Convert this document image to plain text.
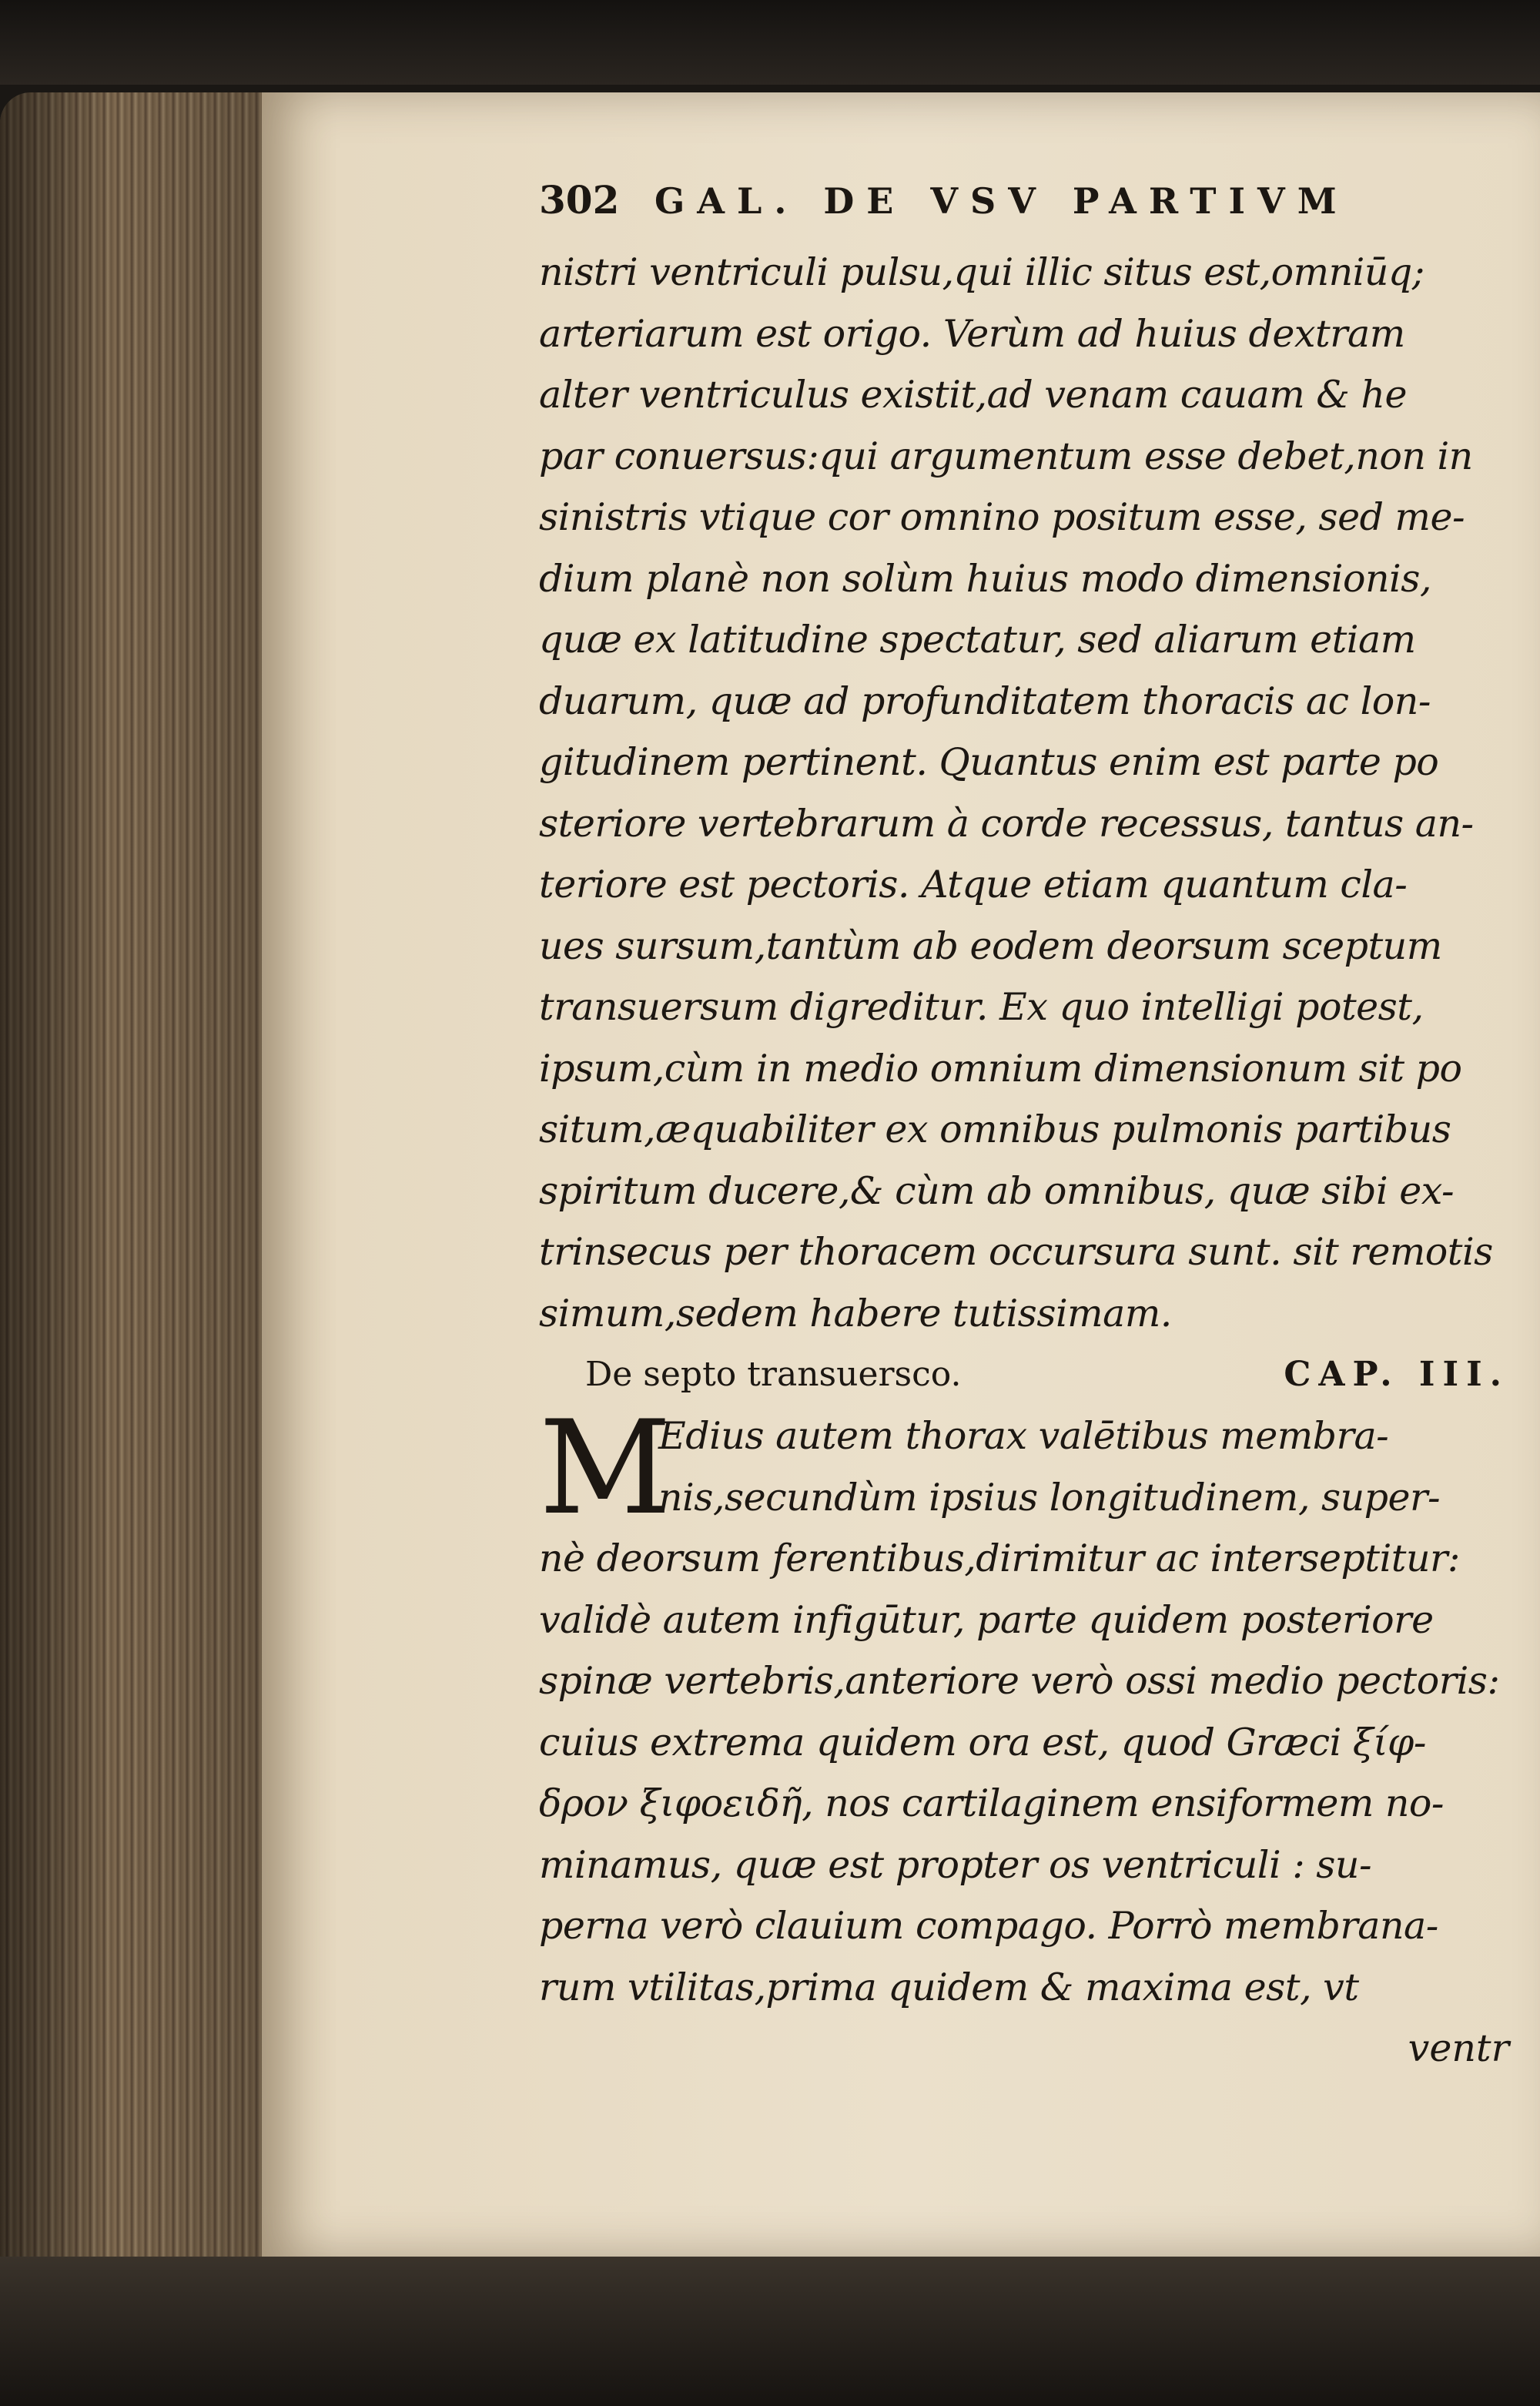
302 GAL. DE VSV PARTIVM
nistri ventriculi pulsu,qui illic situs est,omniūq;
arteriarum est origo. Verùm ad huius dextram
alter ventriculus existit,ad venam cauam & he
par conuersus:qui argumentum esse debet,non in
sinistris vtique cor omnino positum esse, sed me-
dium planè non solùm huius modo dimensionis,
quæ ex latitudine spectatur, sed aliarum etiam
duarum, quæ ad profunditatem thoracis ac lon-
gitudinem pertinent. Quantus enim est parte po
steriore vertebrarum à corde recessus, tantus an-
teriore est pectoris. Atque etiam quantum cla-
ues sursum,tantùm ab eodem deorsum sceptum
transuersum digreditur. Ex quo intelligi potest,
ipsum,cùm in medio omnium dimensionum sit po
situm,æquabiliter ex omnibus pulmonis partibus
spiritum ducere,& cùm ab omnibus, quæ sibi ex-
trinsecus per thoracem occursura sunt. sit remotis
simum,sedem habere tutissimam.
De septo transuersco.	CAP. III.
M
Edius autem thorax valētibus membra-
nis,secundùm ipsius longitudinem, super-
nè deorsum ferentibus,dirimitur ac interseptitur:
validè autem infigūtur, parte quidem posteriore
spinæ vertebris,anteriore verò ossi medio pectoris:
cuius extrema quidem ora est, quod Græci ξίφ-
δρον ξιφοειδῆ, nos cartilaginem ensiformem no-
minamus, quæ est propter os ventriculi : su-
perna verò clauium compago. Porrò membrana-
rum vtilitas,prima quidem & maxima est, vt
ventr
